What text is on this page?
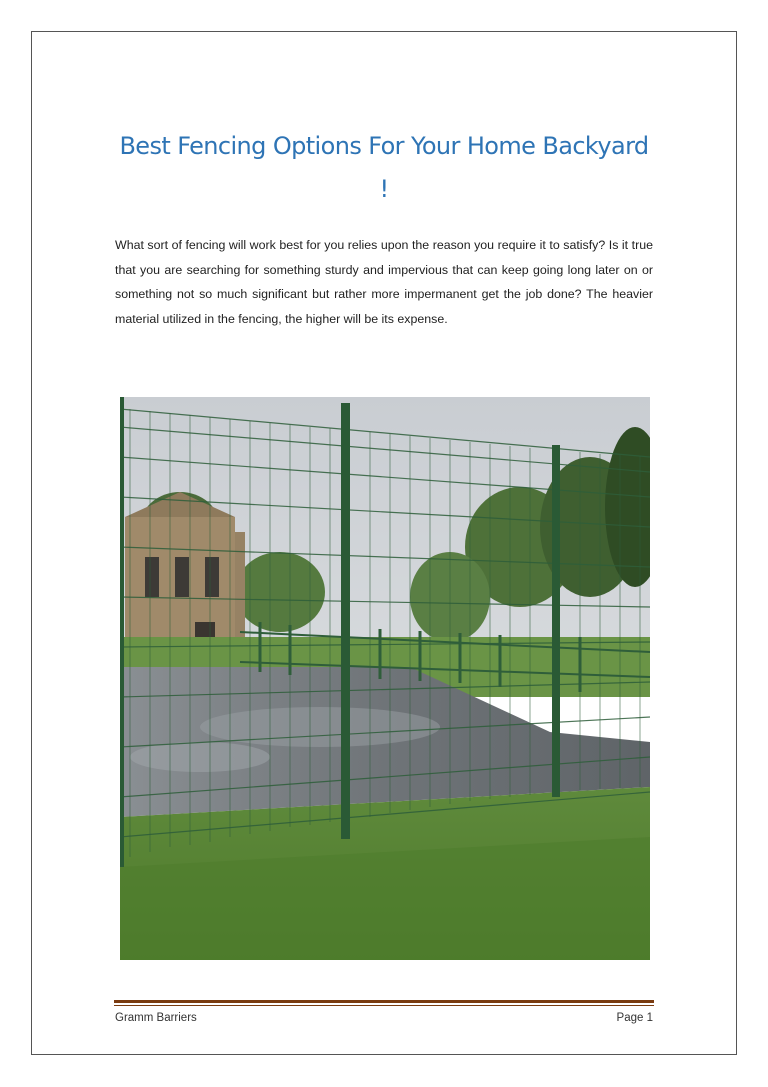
Best Fencing Options For Your Home Backyard !

What sort of fencing will work best for you relies upon the reason you require it to satisfy? Is it true that you are searching for something sturdy and impervious that can keep going long later on or something not so much significant but rather more impermanent get the job done? The heavier material utilized in the fencing, the higher will be its expense.

Gramm Barriers	Page 1
